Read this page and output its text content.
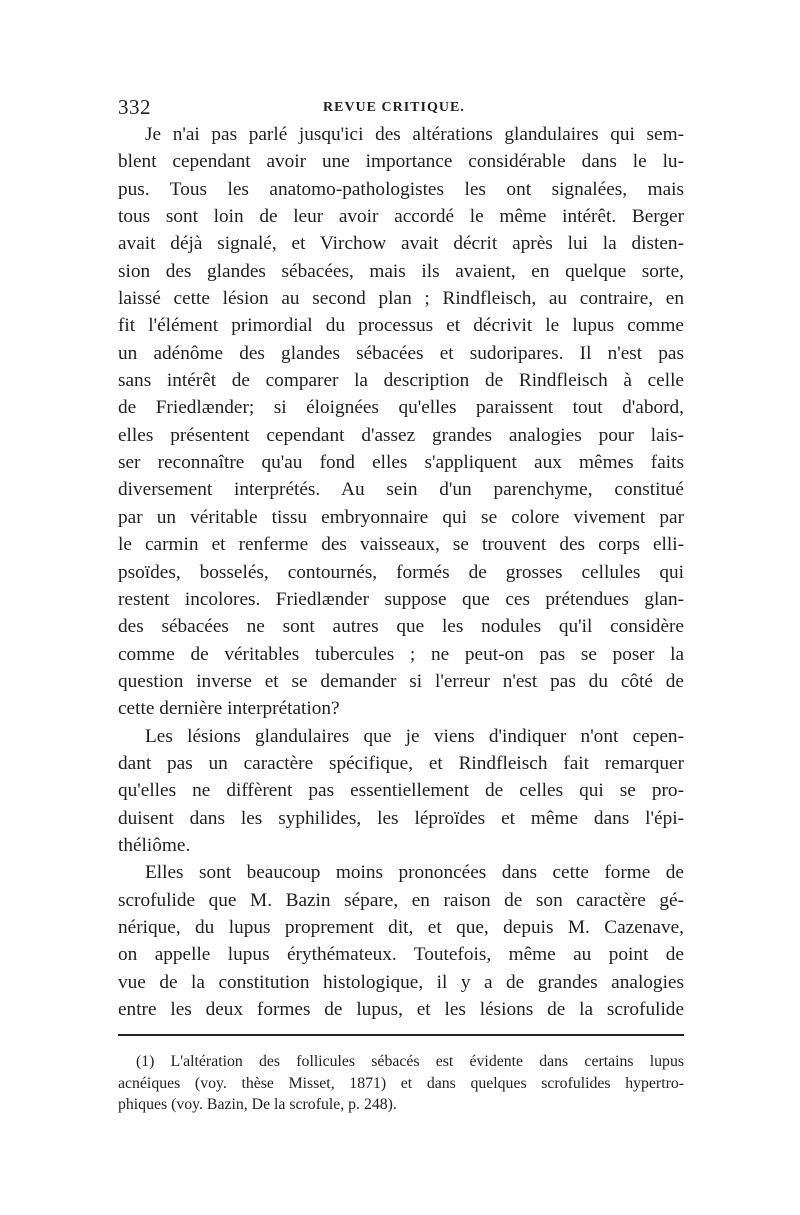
332	REVUE CRITIQUE.
Je n'ai pas parlé jusqu'ici des altérations glandulaires qui sem-
blent cependant avoir une importance considérable dans le lu-
pus. Tous les anatomo-pathologistes les ont signalées, mais
tous sont loin de leur avoir accordé le même intérêt. Berger
avait déjà signalé, et Virchow avait décrit après lui la disten-
sion des glandes sébacées, mais ils avaient, en quelque sorte,
laissé cette lésion au second plan ; Rindfleisch, au contraire, en
fit l'élément primordial du processus et décrivit le lupus comme
un adénôme des glandes sébacées et sudoripares. Il n'est pas
sans intérêt de comparer la description de Rindfleisch à celle
de Friedlænder; si éloignées qu'elles paraissent tout d'abord,
elles présentent cependant d'assez grandes analogies pour lais-
ser reconnaître qu'au fond elles s'appliquent aux mêmes faits
diversement interprétés. Au sein d'un parenchyme, constitué
par un véritable tissu embryonnaire qui se colore vivement par
le carmin et renferme des vaisseaux, se trouvent des corps elli-
psoïdes, bosselés, contournés, formés de grosses cellules qui
restent incolores. Friedlænder suppose que ces prétendues glan-
des sébacées ne sont autres que les nodules qu'il considère
comme de véritables tubercules ; ne peut-on pas se poser la
question inverse et se demander si l'erreur n'est pas du côté de
cette dernière interprétation?
Les lésions glandulaires que je viens d'indiquer n'ont cepen-
dant pas un caractère spécifique, et Rindfleisch fait remarquer
qu'elles ne diffèrent pas essentiellement de celles qui se pro-
duisent dans les syphilides, les léproïdes et même dans l'épi-
théliôme.
Elles sont beaucoup moins prononcées dans cette forme de
scrofulide que M. Bazin sépare, en raison de son caractère gé-
nérique, du lupus proprement dit, et que, depuis M. Cazenave,
on appelle lupus érythémateux. Toutefois, même au point de
vue de la constitution histologique, il y a de grandes analogies
entre les deux formes de lupus, et les lésions de la scrofulide
(1) L'altération des follicules sébacés est évidente dans certains lupus
acnéiques (voy. thèse Misset, 1871) et dans quelques scrofulides hypertro-
phiques (voy. Bazin, De la scrofule, p. 248).
